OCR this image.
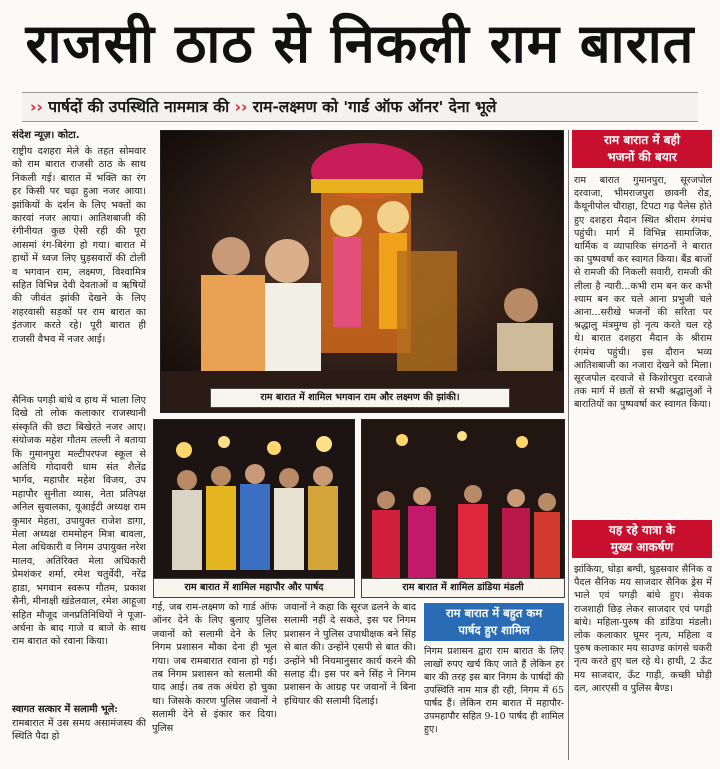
राजसी ठाठ से निकली राम बारात
›› पार्षदों की उपस्थिति नाममात्र की ›› राम-लक्ष्मण को 'गार्ड ऑफ ऑनर' देना भूले
संदेश न्यूज़। कोटा.
राष्ट्रीय दशहरा मेले के तहत सोमवार को राम बारात राजसी ठाठ के साथ निकली गई। बारात में भक्ति का रंग हर किसी पर चढ़ा हुआ नजर आया। झांकियों के दर्शन के लिए भक्तों का कारवां नजर आया। आतिशबाजी की रंगीनीयत कुछ ऐसी रही की पूरा आसमां रंग-बिरंगा हो गया। बारात में हाथों में ध्वज लिए घुड़सवारों की टोली व भगवान राम, लक्ष्मण, विश्वामित्र सहित विभिन्न देवी देवताओं व ऋषियों की जीवंत झांकी देखने के लिए शहरवासी सड़कों पर राम बारात का इंतजार करते रहे। पूरी बारात ही राजसी वैभव में नजर आई।
सैनिक पगड़ी बांधे व हाथ में भाला लिए दिखे तो लोक कलाकार राजस्थानी संस्कृति की छटा बिखेरते नजर आए। संयोजक महेश गौतम लल्ली ने बताया कि गुमानपुरा मल्टीपरपज स्कूल से अतिथि गोदावरी धाम संत शैलेंद्र भार्गव, महापौर महेश विजय, उप महापौर सुनीता व्यास, नेता प्रतिपक्ष अनिल सुवालका, यूआईटी अध्यक्ष राम कुमार मेहता, उपायुक्त राजेश डागा, मेला अध्यक्ष राममोहन मित्रा बावला, मेला अधिकारी व निगम उपायुक्त नरेश मालव, अतिरिक्त मेला अधिकारी प्रेमशंकर शर्मा, रमेश चतुर्वेदी, नरेंद्र हाडा, भगवान स्वरूप गौतम, प्रकाश सैनी, मीनाक्षी खंडेलवाल, रमेश आहूजा सहित मौजूद जनप्रतिनिधियों ने पूजा-अर्चना के बाद गाजे व बाजे के साथ राम बारात को रवाना किया।
स्वागत सत्कार में सलामी भूले:
रामबारात में उस समय असामंजस्य की स्थिति पैदा हो
राम बारात में शामिल भगवान राम और लक्ष्मण की झांकी।
राम बारात में शामिल महापौर और पार्षद	राम बारात में शामिल डांडिया मंडली
गई, जब राम-लक्ष्मण को गार्ड ऑफ ऑनर देने के लिए बुलाए पुलिस जवानों को सलामी देने के लिए निगम प्रशासन मौका देना ही भूल गया। जब रामबारात रवाना हो गई। तब निगम प्रशासन को सलामी की याद आई। तब तक अंधेरा हो चुका था। जिसके कारण पुलिस जवानों ने सलामी देने से इंकार कर दिया। पुलिस
जवानों ने कहा कि सूरज ढलने के बाद सलामी नहीं दे सकते, इस पर निगम प्रशासन ने पुलिस उपाधीक्षक बने सिंह से बात की। उन्होंने एसपी से बात की। उन्होंने भी नियमानुसार कार्य करने की सलाह दी। इस पर बने सिंह ने निगम प्रशासन के आग्रह पर जवानों ने बिना हथियार की सलामी दिलाई।
राम बारात में बहुत कम
पार्षद हुए शामिल
निगम प्रशासन द्वारा राम बारात के लिए लाखों रुपए खर्च किए जाते हैं लेकिन हर बार की तरह इस बार निगम के पार्षदों की उपस्थिति नाम मात्र ही रही, निगम में 65 पार्षद हैं। लेकिन राम बारात में महापौर-उपमहापौर सहित 9-10 पार्षद ही शामिल हुए।
राम बारात में बही
भजनों की बयार
राम बारात गुमानपुरा, सूरजपोल दरवाजा, भीमराजपुरा छावनी रोड, कैथूनीपोल चौराहा, टिपटा गढ़ पैलेस होते हुए दशहरा मैदान स्थित श्रीराम रंगमंच पहुंची। मार्ग में विभिन्न सामाजिक, धार्मिक व व्यापारिक संगठनों ने बारात का पुष्पवर्षा कर स्वागत किया। बैंड बाजों से रामजी की निकली सवारी, रामजी की लीला है न्यारी...कभी राम बन कर कभी श्याम बन कर चले आना प्रभुजी चले आना...सरीखे भजनों की सरिता पर श्रद्धालु मंत्रमुग्ध हो नृत्य करते चल रहे थे। बारात दशहरा मैदान के श्रीराम रंगमंच पहुंची। इस दौरान भव्य आतिशबाजी का नजारा देखने को मिला। सूरजपोल दरवाजे से किशोरपुरा दरवाजे तक मार्ग में छतों से सभी श्रद्धालुओं ने बारातियों का पुष्पवर्षा कर स्वागत किया।
यह रहे यात्रा के
मुख्य आकर्षण
झांकिया, घोड़ा बग्घी, घुड़सवार सैनिक व पैदल सैनिक मय साजदार सैनिक ड्रेस में भाले एवं पगड़ी बांधे हुए। सेवक राजशाही छिड़ लेकर साजदार एवं पगड़ी बांधे। महिला-पुरुष की डांडिया मंडली। लोक कलाकार घूमर नृत्य, महिला व पुरुष कलाकार मय साउण्ड कांगसे चकरी नृत्य करते हुए चल रहे थे। हाथी, 2 ऊँट मय साजदार, ऊँट गाड़ी, कच्छी घोड़ी दल, आरएसी व पुलिस बैण्ड।
